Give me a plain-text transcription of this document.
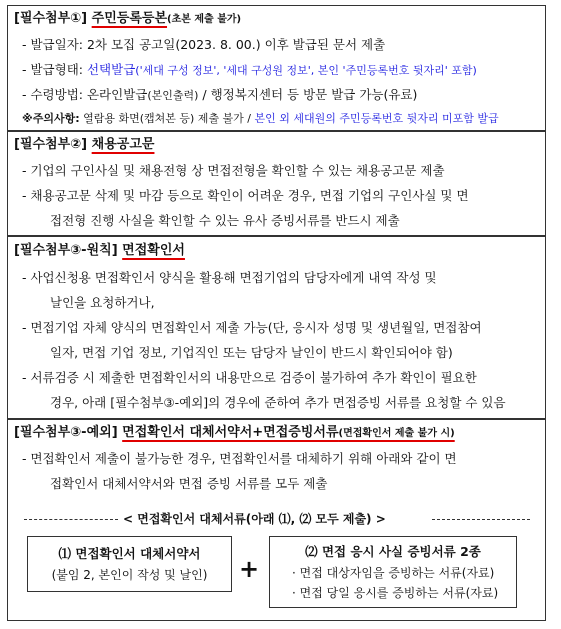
[필수첨부①] 주민등록등본(초본 제출 불가)
- 발급일자: 2차 모집 공고일(2023. 8. 00.) 이후 발급된 문서 제출
- 발급형태: 선택발급('세대 구성 정보', '세대 구성원 정보', 본인 '주민등록번호 뒷자리' 포함)
- 수령방법: 온라인발급(본인출력) / 행정복지센터 등 방문 발급 가능(유료)
※주의사항: 열람용 화면(캡쳐본 등) 제출 불가 / 본인 외 세대원의 주민등록번호 뒷자리 미포함 발급
[필수첨부②] 채용공고문
- 기업의 구인사실 및 채용전형 상 면접전형을 확인할 수 있는 채용공고문 제출
- 채용공고문 삭제 및 마감 등으로 확인이 어려운 경우, 면접 기업의 구인사실 및 면
접전형 진행 사실을 확인할 수 있는 유사 증빙서류를 반드시 제출
[필수첨부③-원칙] 면접확인서
- 사업신청용 면접확인서 양식을 활용해 면접기업의 담당자에게 내역 작성 및
날인을 요청하거나,
- 면접기업 자체 양식의 면접확인서 제출 가능(단, 응시자 성명 및 생년월일, 면접참여
일자, 면접 기업 정보, 기업직인 또는 담당자 날인이 반드시 확인되어야 함)
- 서류검증 시 제출한 면접확인서의 내용만으로 검증이 불가하여 추가 확인이 필요한
경우, 아래 [필수첨부③-예외]의 경우에 준하여 추가 면접증빙 서류를 요청할 수 있음
[필수첨부③-예외] 면접확인서 대체서약서+면접증빙서류(면접확인서 제출 불가 시)
- 면접확인서 제출이 불가능한 경우, 면접확인서를 대체하기 위해 아래와 같이 면
접확인서 대체서약서와 면접 증빙 서류를 모두 제출
< 면접확인서 대체서류(아래 ⑴, ⑵ 모두 제출) >
⑴ 면접확인서 대체서약서
(붙임 2, 본인이 작성 및 날인)	+
⑵ 면접 응시 사실 증빙서류 2종
· 면접 대상자임을 증빙하는 서류(자료)
· 면접 당일 응시를 증빙하는 서류(자료)
